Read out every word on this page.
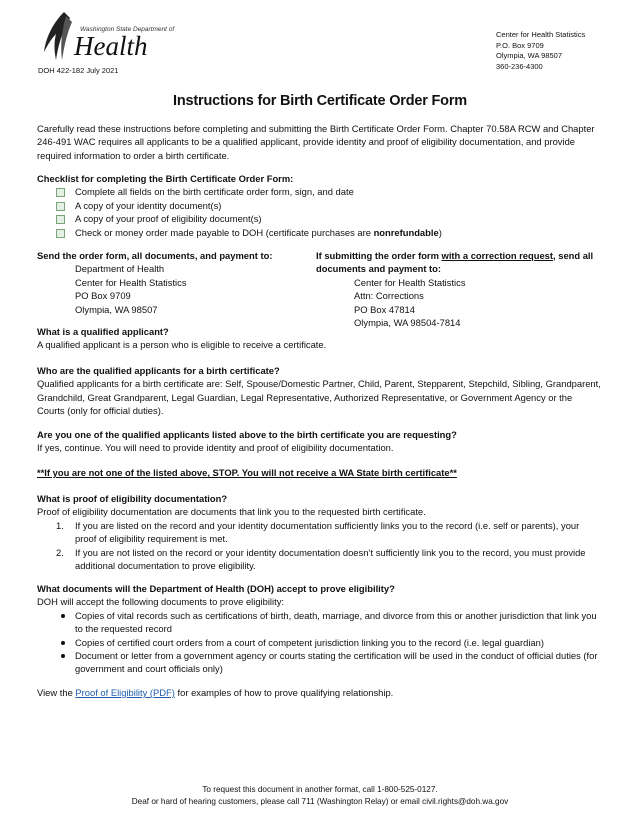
Washington State Department of
Health
DOH 422-182 July 2021
Center for Health Statistics
P.O. Box 9709
Olympia, WA 98507
360-236-4300
Instructions for Birth Certificate Order Form

Carefully read these instructions before completing and submitting the Birth Certificate Order Form. Chapter 70.58A RCW and Chapter 246-491 WAC requires all applicants to be a qualified applicant, provide identity and proof of eligibility documentation, and provide required information to order a birth certificate.

Checklist for completing the Birth Certificate Order Form:

Complete all fields on the birth certificate order form, sign, and date
A copy of your identity document(s)
A copy of your proof of eligibility document(s)
Check or money order made payable to DOH (certificate purchases are nonrefundable)

Send the order form, all documents, and payment to:

Department of Health
Center for Health Statistics
PO Box 9709
Olympia, WA 98507

If submitting the order form with a correction request, send all documents and payment to:

Center for Health Statistics
Attn: Corrections
PO Box 47814
Olympia, WA 98504-7814

What is a qualified applicant?

A qualified applicant is a person who is eligible to receive a certificate.

Who are the qualified applicants for a birth certificate?

Qualified applicants for a birth certificate are: Self, Spouse/Domestic Partner, Child, Parent, Stepparent, Stepchild, Sibling, Grandparent, Grandchild, Great Grandparent, Legal Guardian, Legal Representative, Authorized Representative, or Government Agency or the Courts (only for official duties).

Are you one of the qualified applicants listed above to the birth certificate you are requesting?

If yes, continue. You will need to provide identity and proof of eligibility documentation.

**If you are not one of the listed above, STOP. You will not receive a WA State birth certificate**

What is proof of eligibility documentation?

Proof of eligibility documentation are documents that link you to the requested birth certificate.

1. If you are listed on the record and your identity documentation sufficiently links you to the record (i.e. self or parents), your proof of eligibility requirement is met.
2. If you are not listed on the record or your identity documentation doesn’t sufficiently link you to the record, you must provide additional documentation to prove eligibility.

What documents will the Department of Health (DOH) accept to prove eligibility?

DOH will accept the following documents to prove eligibility:

Copies of vital records such as certifications of birth, death, marriage, and divorce from this or another jurisdiction that link you to the requested record
Copies of certified court orders from a court of competent jurisdiction linking you to the record (i.e. legal guardian)
Document or letter from a government agency or courts stating the certification will be used in the conduct of official duties (for government and court officials only)

View the Proof of Eligibility (PDF) for examples of how to prove qualifying relationship.

To request this document in another format, call 1-800-525-0127.
Deaf or hard of hearing customers, please call 711 (Washington Relay) or email civil.rights@doh.wa.gov
